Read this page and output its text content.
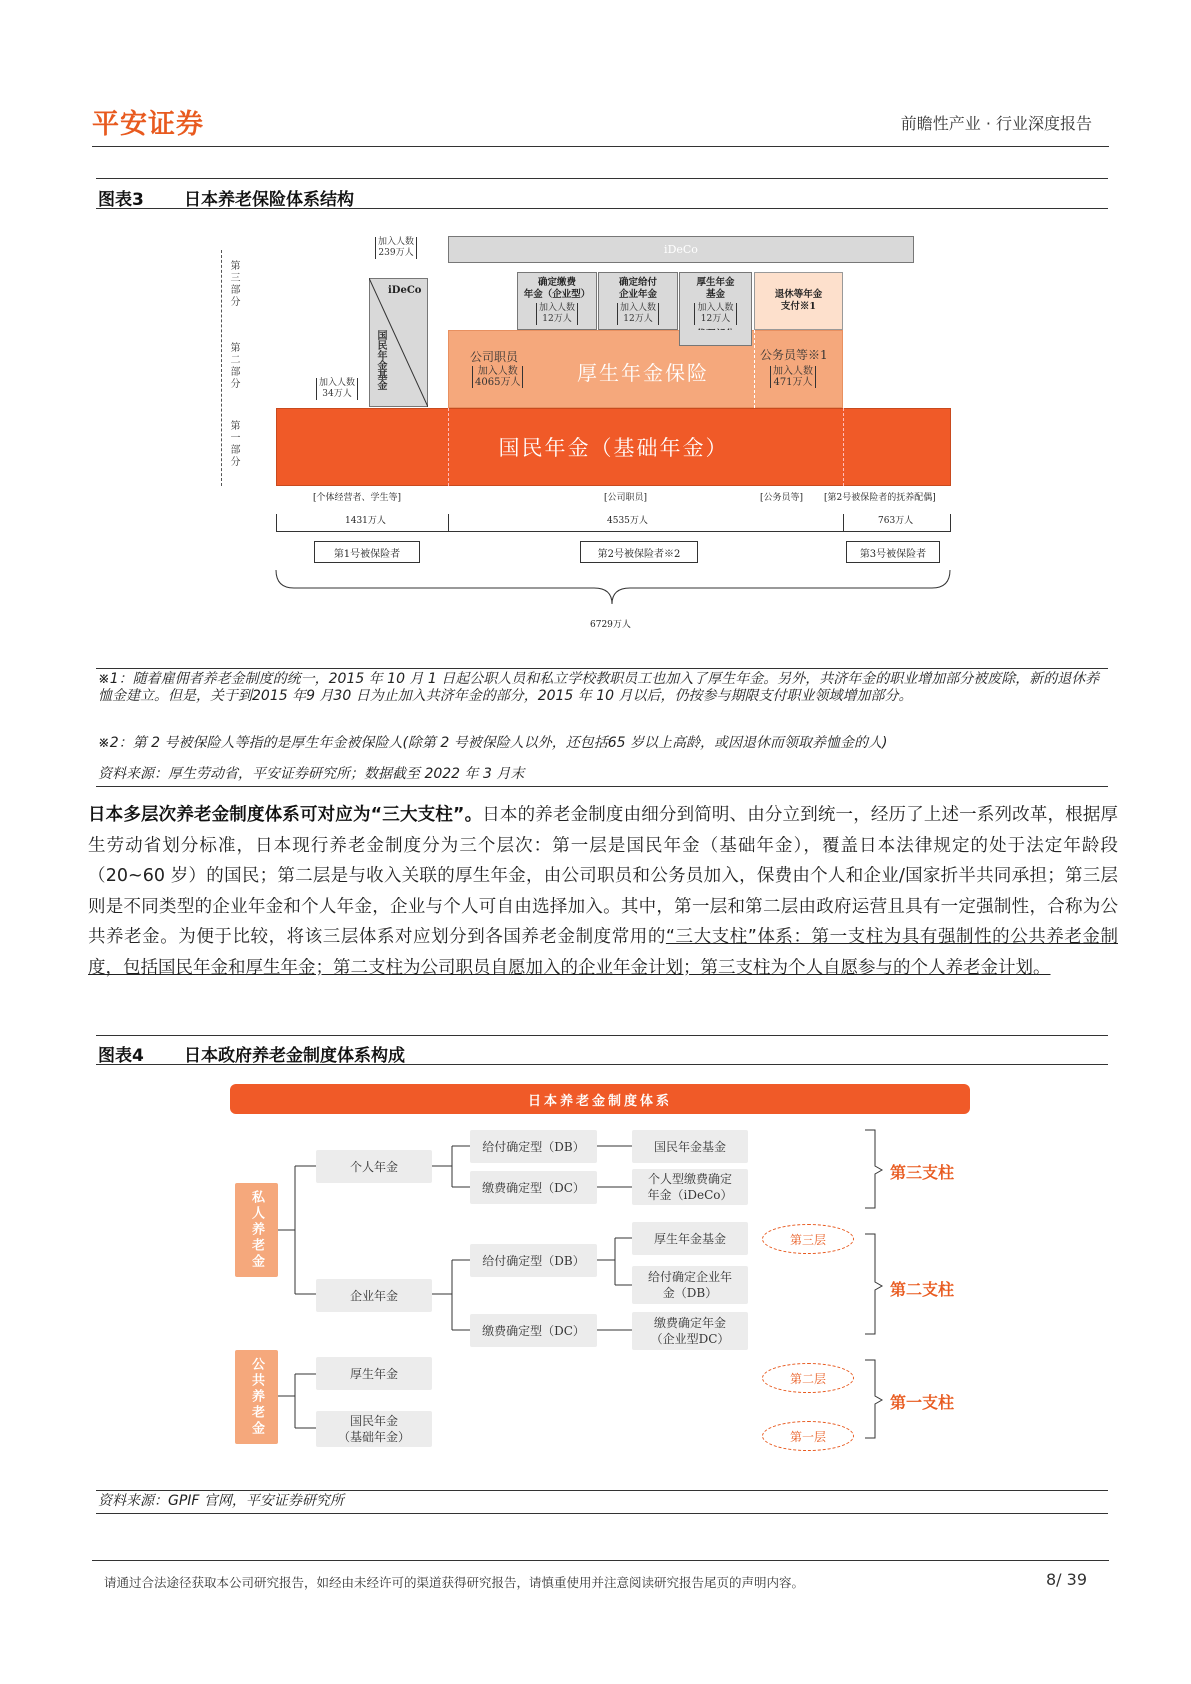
平安证券	前瞻性产业 · 行业深度报告
图表3 日本养老保险体系结构
第三部分
第二部分
第一部分
加入人数
239万人	iDeCo
iDeCo
国民年金基金
加入人数
34万人
确定缴费
年金（企业型）
加入人数
12万人
确定给付
企业年金
加入人数
12万人
厚生年金
基金
加入人数
12万人
退休等年金
支付※1
公司职员
加入人数
4065万人	厚生年金保险
公务员等※1
加入人数
471万人
国民年金（基础年金）
[个体经营者、学生等]	[公司职员]	[公务员等] [第2号被保险者的抚养配偶]
1431万人	4535万人	763万人
第1号被保险者	第2号被保险者※2	第3号被保险者
6729万人
※1：随着雇佣者养老金制度的统一，2015 年 10 月 1 日起公职人员和私立学校教职员工也加入了厚生年金。另外，共济年金的职业增加部分被废除，新的退休养恤金建立。但是，关于到2015 年9 月30 日为止加入共济年金的部分，2015 年 10 月以后，仍按参与期限支付职业领域增加部分。
※2：第 2 号被保险人等指的是厚生年金被保险人(除第 2 号被保险人以外，还包括65 岁以上高龄，或因退休而领取养恤金的人)
资料来源：厚生劳动省，平安证券研究所；数据截至 2022 年 3 月末
日本多层次养老金制度体系可对应为“三大支柱”。日本的养老金制度由细分到简明、由分立到统一，经历了上述一系列改革，根据厚生劳动省划分标准，日本现行养老金制度分为三个层次：第一层是国民年金（基础年金），覆盖日本法律规定的处于法定年龄段（20~60 岁）的国民；第二层是与收入关联的厚生年金，由公司职员和公务员加入，保费由个人和企业/国家折半共同承担；第三层则是不同类型的企业年金和个人年金，企业与个人可自由选择加入。其中，第一层和第二层由政府运营且具有一定强制性，合称为公共养老金。为便于比较，将该三层体系对应划分到各国养老金制度常用的“三大支柱”体系：第一支柱为具有强制性的公共养老金制度，包括国民年金和厚生年金；第二支柱为公司职员自愿加入的企业年金计划；第三支柱为个人自愿参与的个人养老金计划。
图表4 日本政府养老金制度体系构成
日本养老金制度体系
私人养老金
公共养老金
个人年金
企业年金
厚生年金
国民年金
（基础年金）
给付确定型（DB）
缴费确定型（DC）
给付确定型（DB）
缴费确定型（DC）
国民年金基金
个人型缴费确定
年金（iDeCo）
厚生年金基金
给付确定企业年
金（DB）
缴费确定年金
（企业型DC）
第三支柱
第二支柱
第一支柱
第三层
第二层
第一层
资料来源：GPIF 官网，平安证券研究所
请通过合法途径获取本公司研究报告，如经由未经许可的渠道获得研究报告，请慎重使用并注意阅读研究报告尾页的声明内容。	8/ 39
